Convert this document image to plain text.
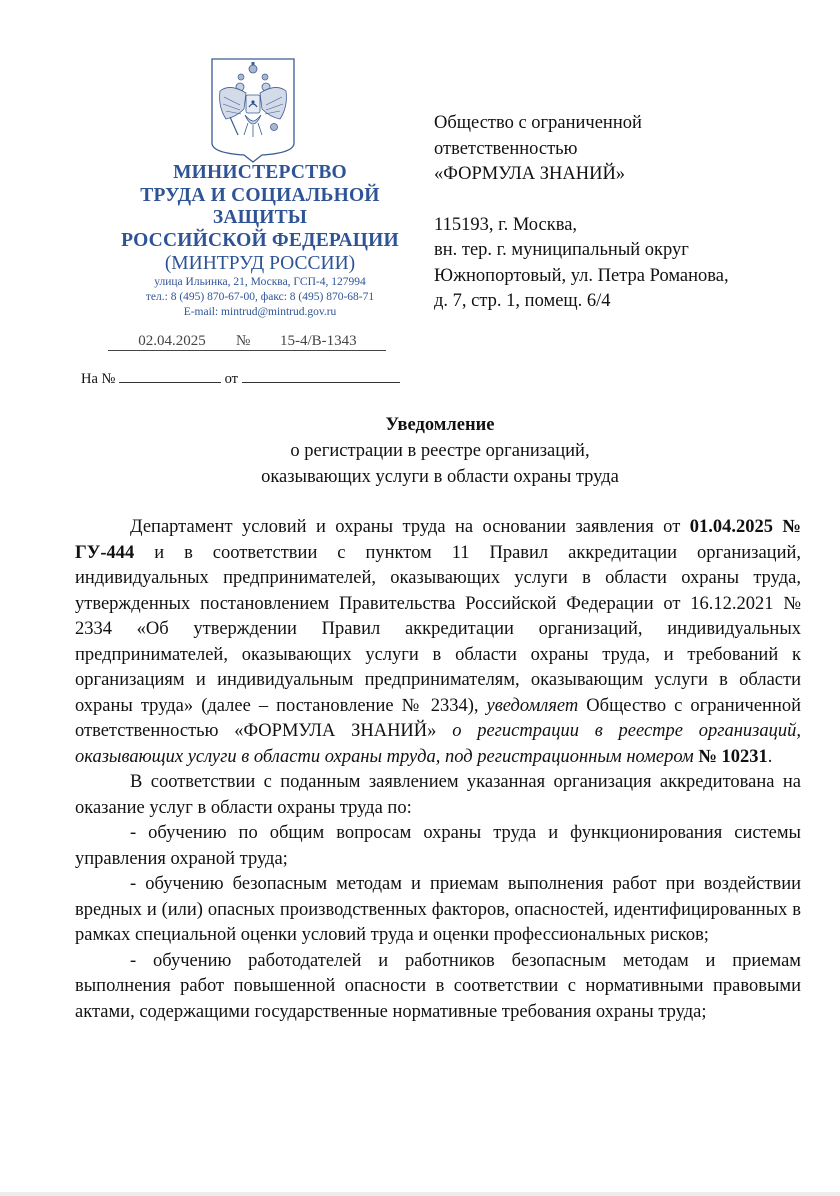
МИНИСТЕРСТВО
ТРУДА И СОЦИАЛЬНОЙ
ЗАЩИТЫ
РОССИЙСКОЙ ФЕДЕРАЦИИ
(МИНТРУД РОССИИ)
улица Ильинка, 21, Москва, ГСП-4, 127994
тел.: 8 (495) 870-67-00, факс: 8 (495) 870-68-71
E-mail: mintrud@mintrud.gov.ru
02.04.2025 № 15-4/В-1343
На №	от
Общество с ограниченной
ответственностью
«ФОРМУЛА ЗНАНИЙ»
115193, г. Москва,
вн. тер. г. муниципальный округ
Южнопортовый, ул. Петра Романова,
д. 7, стр. 1, помещ. 6/4
Уведомление
о регистрации в реестре организаций,
оказывающих услуги в области охраны труда

Департамент условий и охраны труда на основании заявления от 01.04.2025 № ГУ-444 и в соответствии с пунктом 11 Правил аккредитации организаций, индивидуальных предпринимателей, оказывающих услуги в области охраны труда, утвержденных постановлением Правительства Российской Федерации от 16.12.2021 № 2334 «Об утверждении Правил аккредитации организаций, индивидуальных предпринимателей, оказывающих услуги в области охраны труда, и требований к организациям и индивидуальным предпринимателям, оказывающим услуги в области охраны труда» (далее – постановление № 2334), уведомляет Общество с ограниченной ответственностью «ФОРМУЛА ЗНАНИЙ» о регистрации в реестре организаций, оказывающих услуги в области охраны труда, под регистрационным номером № 10231.

В соответствии с поданным заявлением указанная организация аккредитована на оказание услуг в области охраны труда по:

- обучению по общим вопросам охраны труда и функционирования системы управления охраной труда;

- обучению безопасным методам и приемам выполнения работ при воздействии вредных и (или) опасных производственных факторов, опасностей, идентифицированных в рамках специальной оценки условий труда и оценки профессиональных рисков;

- обучению работодателей и работников безопасным методам и приемам выполнения работ повышенной опасности в соответствии с нормативными правовыми актами, содержащими государственные нормативные требования охраны труда;
